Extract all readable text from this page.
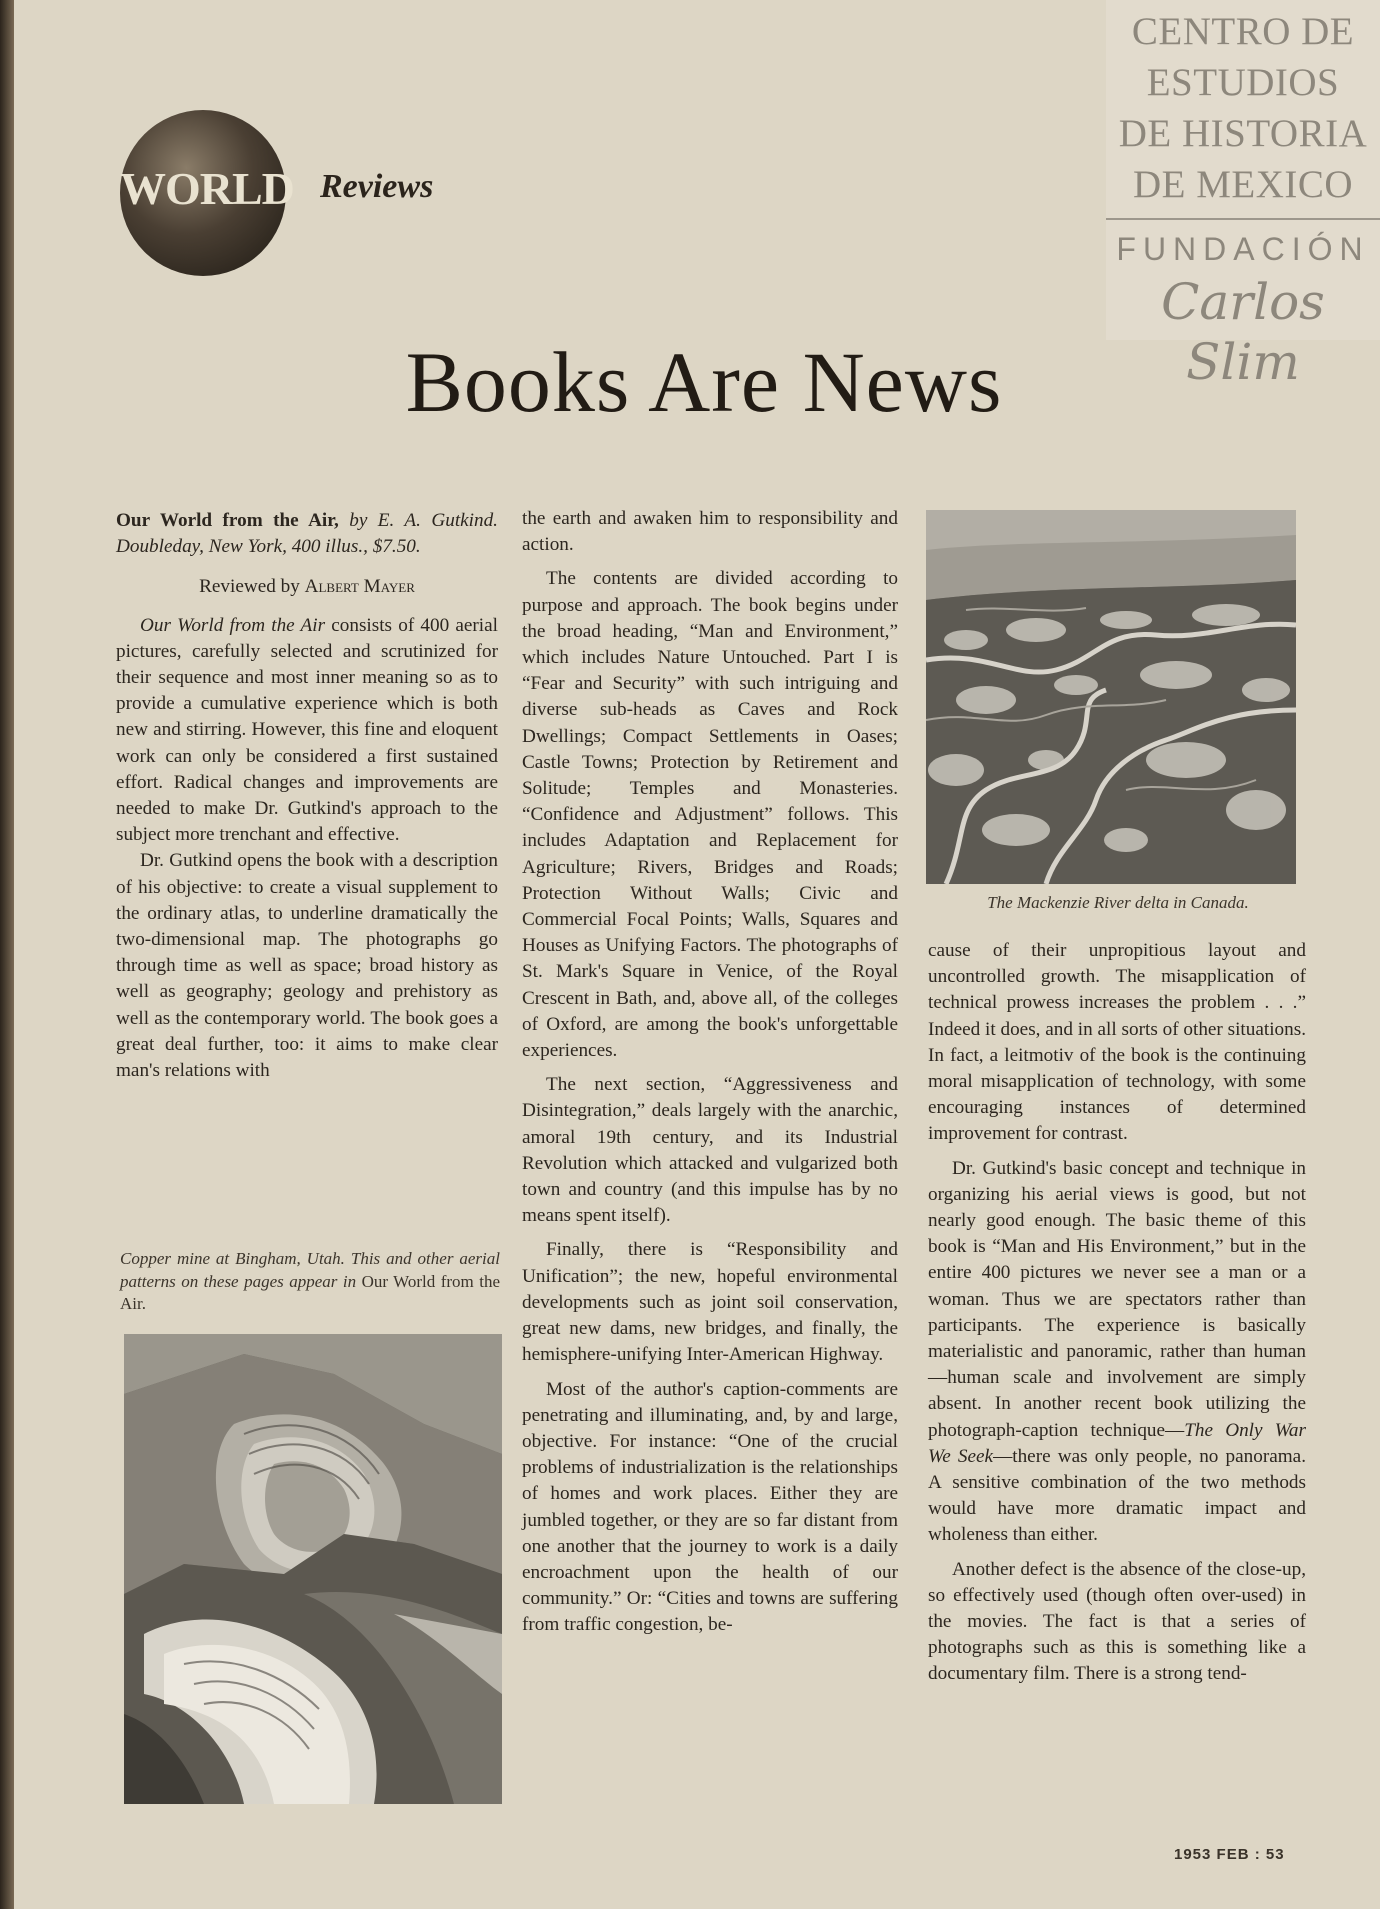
CENTRO DE
ESTUDIOS
DE HISTORIA
DE MEXICO
FUNDACIÓN
Carlos Slim
WORLD Reviews
Books Are News

Our World from the Air, by E. A. Gutkind. Doubleday, New York, 400 illus., $7.50.

Reviewed by Albert Mayer

Our World from the Air consists of 400 aerial pictures, carefully selected and scrutinized for their sequence and most inner meaning so as to provide a cumulative experience which is both new and stirring. However, this fine and eloquent work can only be considered a first sustained effort. Radical changes and improvements are needed to make Dr. Gutkind's approach to the subject more trenchant and effective.

Dr. Gutkind opens the book with a description of his objective: to create a visual supplement to the ordinary atlas, to underline dramatically the two-dimensional map. The photographs go through time as well as space; broad history as well as geography; geology and prehistory as well as the contemporary world. The book goes a great deal further, too: it aims to make clear man's relations with

Copper mine at Bingham, Utah. This and other aerial patterns on these pages appear in Our World from the Air.

the earth and awaken him to responsibility and action.

The contents are divided according to purpose and approach. The book begins under the broad heading, “Man and Environment,” which includes Nature Untouched. Part I is “Fear and Security” with such intriguing and diverse sub-heads as Caves and Rock Dwellings; Compact Settlements in Oases; Castle Towns; Protection by Retirement and Solitude; Temples and Monasteries. “Confidence and Adjustment” follows. This includes Adaptation and Replacement for Agriculture; Rivers, Bridges and Roads; Protection Without Walls; Civic and Commercial Focal Points; Walls, Squares and Houses as Unifying Factors. The photographs of St. Mark's Square in Venice, of the Royal Crescent in Bath, and, above all, of the colleges of Oxford, are among the book's unforgettable experiences.

The next section, “Aggressiveness and Disintegration,” deals largely with the anarchic, amoral 19th century, and its Industrial Revolution which attacked and vulgarized both town and country (and this impulse has by no means spent itself).

Finally, there is “Responsibility and Unification”; the new, hopeful environmental developments such as joint soil conservation, great new dams, new bridges, and finally, the hemisphere-unifying Inter-American Highway.

Most of the author's caption-comments are penetrating and illuminating, and, by and large, objective. For instance: “One of the crucial problems of industrialization is the relationships of homes and work places. Either they are jumbled together, or they are so far distant from one another that the journey to work is a daily encroachment upon the health of our community.” Or: “Cities and towns are suffering from traffic congestion, be-

The Mackenzie River delta in Canada.

cause of their unpropitious layout and uncontrolled growth. The misapplication of technical prowess increases the problem . . .” Indeed it does, and in all sorts of other situations. In fact, a leitmotiv of the book is the continuing moral misapplication of technology, with some encouraging instances of determined improvement for contrast.

Dr. Gutkind's basic concept and technique in organizing his aerial views is good, but not nearly good enough. The basic theme of this book is “Man and His Environment,” but in the entire 400 pictures we never see a man or a woman. Thus we are spectators rather than participants. The experience is basically materialistic and panoramic, rather than human—human scale and involvement are simply absent. In another recent book utilizing the photograph-caption technique—The Only War We Seek—there was only people, no panorama. A sensitive combination of the two methods would have more dramatic impact and wholeness than either.

Another defect is the absence of the close-up, so effectively used (though often over-used) in the movies. The fact is that a series of photographs such as this is something like a documentary film. There is a strong tend-

1953 FEB : 53
